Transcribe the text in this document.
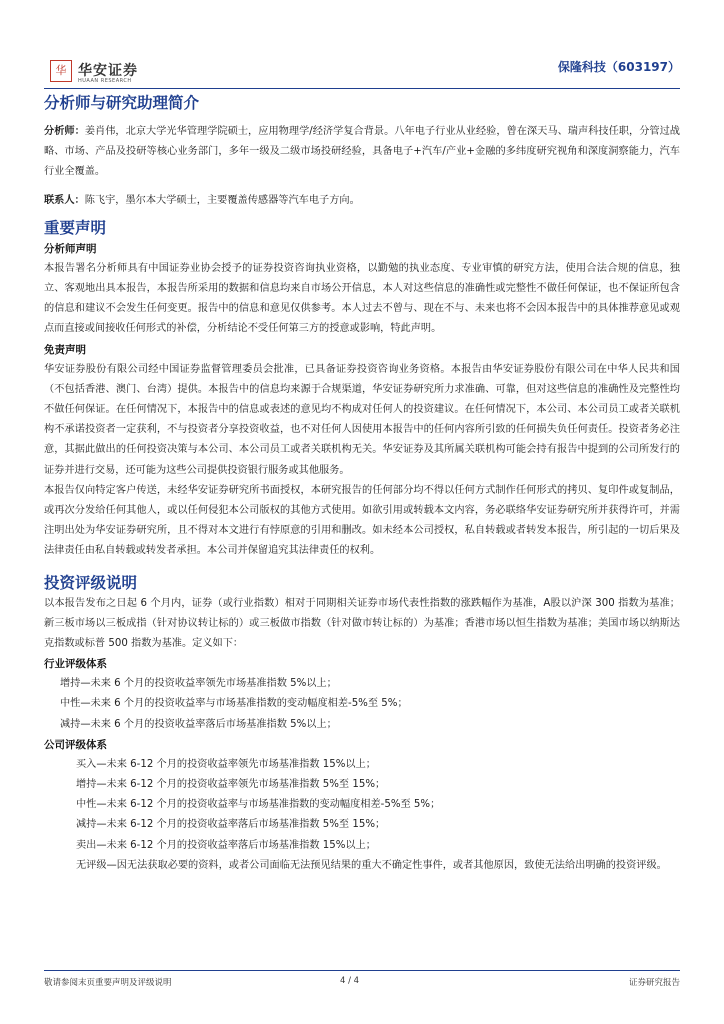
华 华安证券
HUAAN RESEARCH
保隆科技（603197）
分析师与研究助理简介

分析师：姜肖伟，北京大学光华管理学院硕士，应用物理学/经济学复合背景。八年电子行业从业经验，曾在深天马、瑞声科技任职，分管过战略、市场、产品及投研等核心业务部门，多年一级及二级市场投研经验，具备电子+汽车/产业+金融的多纬度研究视角和深度洞察能力，汽车行业全覆盖。

联系人：陈飞宇，墨尔本大学硕士，主要覆盖传感器等汽车电子方向。

重要声明
分析师声明

本报告署名分析师具有中国证券业协会授予的证券投资咨询执业资格，以勤勉的执业态度、专业审慎的研究方法，使用合法合规的信息，独立、客观地出具本报告，本报告所采用的数据和信息均来自市场公开信息，本人对这些信息的准确性或完整性不做任何保证，也不保证所包含的信息和建议不会发生任何变更。报告中的信息和意见仅供参考。本人过去不曾与、现在不与、未来也将不会因本报告中的具体推荐意见或观点而直接或间接收任何形式的补偿，分析结论不受任何第三方的授意或影响，特此声明。

免责声明

华安证券股份有限公司经中国证券监督管理委员会批准，已具备证券投资咨询业务资格。本报告由华安证券股份有限公司在中华人民共和国（不包括香港、澳门、台湾）提供。本报告中的信息均来源于合规渠道，华安证券研究所力求准确、可靠，但对这些信息的准确性及完整性均不做任何保证。在任何情况下，本报告中的信息或表述的意见均不构成对任何人的投资建议。在任何情况下，本公司、本公司员工或者关联机构不承诺投资者一定获利，不与投资者分享投资收益，也不对任何人因使用本报告中的任何内容所引致的任何损失负任何责任。投资者务必注意，其据此做出的任何投资决策与本公司、本公司员工或者关联机构无关。华安证券及其所属关联机构可能会持有报告中提到的公司所发行的证券并进行交易，还可能为这些公司提供投资银行服务或其他服务。

本报告仅向特定客户传送，未经华安证券研究所书面授权，本研究报告的任何部分均不得以任何方式制作任何形式的拷贝、复印件或复制品，或再次分发给任何其他人，或以任何侵犯本公司版权的其他方式使用。如欲引用或转载本文内容，务必联络华安证券研究所并获得许可，并需注明出处为华安证券研究所，且不得对本文进行有悖原意的引用和删改。如未经本公司授权，私自转载或者转发本报告，所引起的一切后果及法律责任由私自转载或转发者承担。本公司并保留追究其法律责任的权利。

投资评级说明

以本报告发布之日起 6 个月内，证券（或行业指数）相对于同期相关证券市场代表性指数的涨跌幅作为基准，A股以沪深 300 指数为基准；新三板市场以三板成指（针对协议转让标的）或三板做市指数（针对做市转让标的）为基准；香港市场以恒生指数为基准；美国市场以纳斯达克指数或标普 500 指数为基准。定义如下：

行业评级体系

增持—未来 6 个月的投资收益率领先市场基准指数 5%以上；

中性—未来 6 个月的投资收益率与市场基准指数的变动幅度相差-5%至 5%；

减持—未来 6 个月的投资收益率落后市场基准指数 5%以上；

公司评级体系

买入—未来 6-12 个月的投资收益率领先市场基准指数 15%以上；

增持—未来 6-12 个月的投资收益率领先市场基准指数 5%至 15%；

中性—未来 6-12 个月的投资收益率与市场基准指数的变动幅度相差-5%至 5%；

减持—未来 6-12 个月的投资收益率落后市场基准指数 5%至 15%；

卖出—未来 6-12 个月的投资收益率落后市场基准指数 15%以上；

无评级—因无法获取必要的资料，或者公司面临无法预见结果的重大不确定性事件，或者其他原因，致使无法给出明确的投资评级。

敬请参阅末页重要声明及评级说明	4 / 4	证券研究报告
